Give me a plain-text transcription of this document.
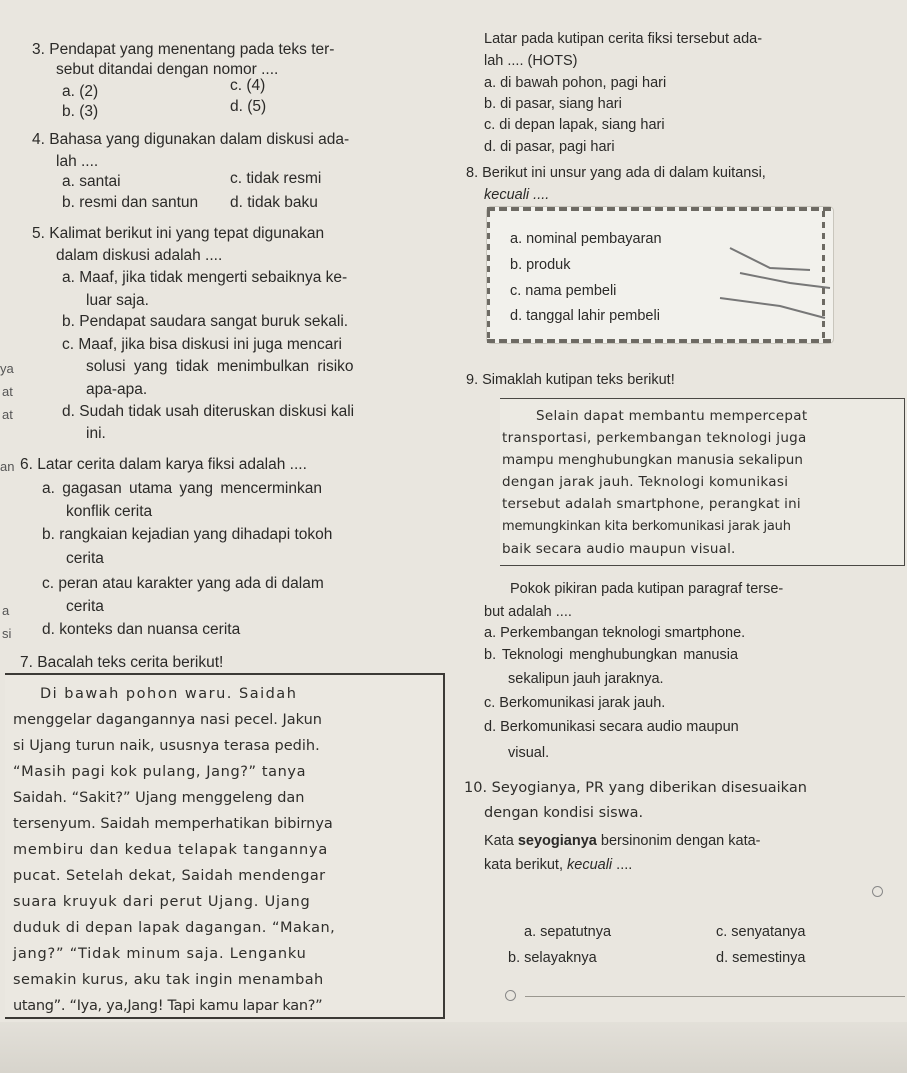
3. Pendapat yang menentang pada teks ter-
sebut ditandai dengan nomor ....
a. (2)
b. (3)
c. (4)
d. (5)
4. Bahasa yang digunakan dalam diskusi ada-
lah ....
a. santai
b. resmi dan santun
c. tidak resmi
d. tidak baku
5. Kalimat berikut ini yang tepat digunakan
dalam diskusi adalah ....
a. Maaf, jika tidak mengerti sebaiknya ke-
luar saja.
b. Pendapat saudara sangat buruk sekali.
c. Maaf, jika bisa diskusi ini juga mencari
solusi yang tidak menimbulkan risiko
apa-apa.
d. Sudah tidak usah diteruskan diskusi kali
ini.
6. Latar cerita dalam karya fiksi adalah ....
a. gagasan utama yang mencerminkan
konflik cerita
b. rangkaian kejadian yang dihadapi tokoh
cerita
c. peran atau karakter yang ada di dalam
cerita
d. konteks dan nuansa cerita
7. Bacalah teks cerita berikut!
Di bawah pohon waru. Saidah
menggelar dagangannya nasi pecel. Jakun
si Ujang turun naik, ususnya terasa pedih.
“Masih pagi kok pulang, Jang?” tanya
Saidah. “Sakit?” Ujang menggeleng dan
tersenyum. Saidah memperhatikan bibirnya
membiru dan kedua telapak tangannya
pucat. Setelah dekat, Saidah mendengar
suara kruyuk dari perut Ujang. Ujang
duduk di depan lapak dagangan. “Makan,
jang?” “Tidak minum saja. Lenganku
semakin kurus, aku tak ingin menambah
utang”. “Iya, ya,Jang! Tapi kamu lapar kan?”
ya
at
at
an
a
si
Latar pada kutipan cerita fiksi tersebut ada-
lah .... (HOTS)
a. di bawah pohon, pagi hari
b. di pasar, siang hari
c. di depan lapak, siang hari
d. di pasar, pagi hari
8. Berikut ini unsur yang ada di dalam kuitansi,
kecuali ....
a. nominal pembayaran
b. produk
c. nama pembeli
d. tanggal lahir pembeli
9. Simaklah kutipan teks berikut!
Selain dapat membantu mempercepat
transportasi, perkembangan teknologi juga
mampu menghubungkan manusia sekalipun
dengan jarak jauh. Teknologi komunikasi
tersebut adalah smartphone, perangkat ini
memungkinkan kita berkomunikasi jarak jauh
baik secara audio maupun visual.
Pokok pikiran pada kutipan paragraf terse-
but adalah ....
a. Perkembangan teknologi smartphone.
b. Teknologi menghubungkan manusia
sekalipun jauh jaraknya.
c. Berkomunikasi jarak jauh.
d. Berkomunikasi secara audio maupun
visual.
10. Seyogianya, PR yang diberikan disesuaikan
dengan kondisi siswa.
Kata seyogianya bersinonim dengan kata-
kata berikut, kecuali ....
a. sepatutnya
b. selayaknya
c. senyatanya
d. semestinya
